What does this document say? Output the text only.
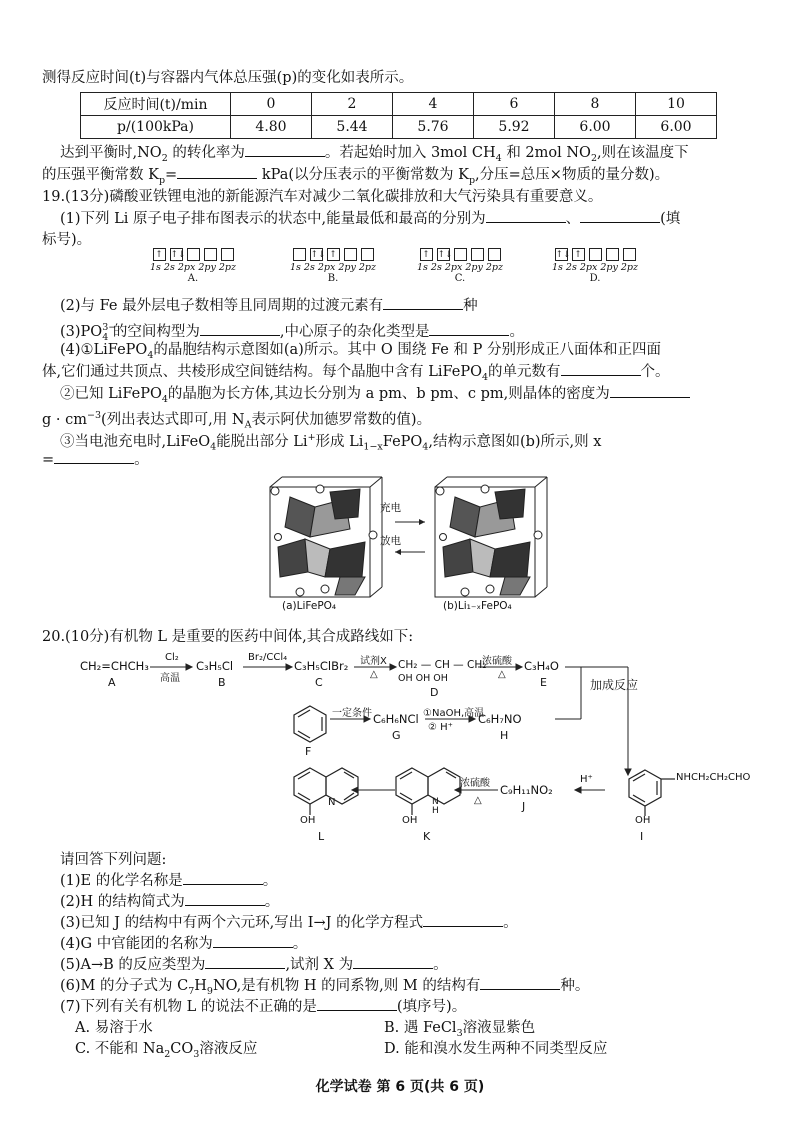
测得反应时间(t)与容器内气体总压强(p)的变化如表所示。
反应时间(t)/min	0	2	4	6	8	10
p/(100kPa)	4.80	5.44	5.76	5.92	6.00	6.00
达到平衡时$,NO_2$ 的转化率为	。若起始时加入 3mol $CH_4$ 和 2mol $NO_2$,则在该温度下
的压强平衡常数 $K_p=$	kPa(以分压表示的平衡常数为 $K_p$,分压=总压×物质的量分数)。
19.(13分)磷酸亚铁锂电池的新能源汽车对减少二氧化碳排放和大气污染具有重要意义。
(1)下列 Li 原子电子排布图表示的状态中,能量最低和最高的分别为	、	(填
标号)。
↑ ↑↓
1s 2s 2px 2py 2pz
A.
↑↓ ↑
1s 2s 2px 2py 2pz
B.
↑ ↑↓
1s 2s 2px 2py 2pz
C.
↑↓ ↑
1s 2s 2px 2py 2pz
D.
(2)与 Fe 最外层电子数相等且同周期的过渡元素有	种
$(3)PO^{3-}_4$ 的空间构型为	,中心原子的杂化类型是	。
(4)①LiFePO$_4$的晶胞结构示意图如(a)所示。其中 O 围绕 Fe 和 P 分别形成正八面体和正四面
体,它们通过共顶点、共棱形成空间链结构。每个晶胞中含有 LiFePO$_4$的单元数有	个。
②已知 LiFePO$_4$的晶胞为长方体,其边长分别为 a pm、b pm、c pm,则晶体的密度为
$g \cdot cm^{-3}$(列出表达式即可,用 $N_A$表示阿伏加德罗常数的值)。
③当电池充电时,LiFeO$_4$能脱出部分 Li+形成 $Li_{1-x}FePO_4$,结构示意图如(b)所示,则 x
=	。
充电
放电
(a)LiFePO₄	(b)Li₁₋ₓFePO₄
20.(10分)有机物 L 是重要的医药中间体,其合成路线如下:
CH₂=CHCH₃
A
Cl₂
高温
C₃H₅Cl
B
Br₂/CCl₄
C₃H₅ClBr₂
C
试剂X
△
CH₂ — CH — CH₂
OH OH OH
D
浓硫酸
△
C₃H₄O
E	加成反应
F
一定条件 C₆H₆NCl
G
①NaOH,高温
② H⁺
C₆H₇NO
H
NHCH₂CH₂CHO
OH
I
H⁺
C₉H₁₁NO₂
J
浓硫酸
△
N
H
OH
K
N
OH
L
请回答下列问题:
(1)E 的化学名称是	。
(2)H 的结构简式为	。
(3)已知 J 的结构中有两个六元环,写出 I→J 的化学方程式	。
(4)G 中官能团的名称为	。
(5)A→B 的反应类型为	,试剂 X 为	。
(6)M 的分子式为 $C_7H_9NO$,是有机物 H 的同系物,则 M 的结构有	种。
(7)下列有关有机物 L 的说法不正确的是	(填序号)。
A. 易溶于水	B. 遇 FeCl$_3$溶液显紫色
C. 不能和 $Na_2CO_3$溶液反应	D. 能和溴水发生两种不同类型反应
化学试卷 第 6 页(共 6 页)
